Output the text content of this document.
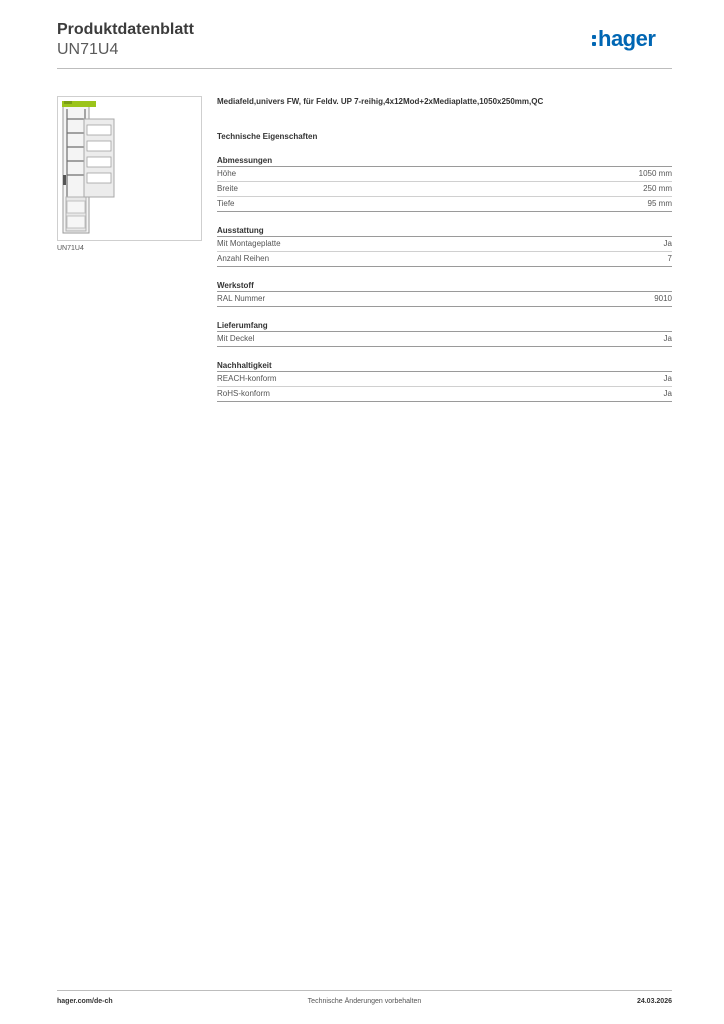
Produktdatenblatt
UN71U4	hager
UN71U4
Mediafeld,univers FW, für Feldv. UP 7-reihig,4x12Mod+2xMediaplatte,1050x250mm,QC
Technische Eigenschaften
Abmessungen
Höhe	1050 mm
Breite	250 mm
Tiefe	95 mm
Ausstattung
Mit Montageplatte	Ja
Anzahl Reihen	7
Werkstoff
RAL Nummer	9010
Lieferumfang
Mit Deckel	Ja
Nachhaltigkeit
REACH-konform	Ja
RoHS-konform	Ja
hager.com/de-ch	Technische Änderungen vorbehalten	24.03.2026
